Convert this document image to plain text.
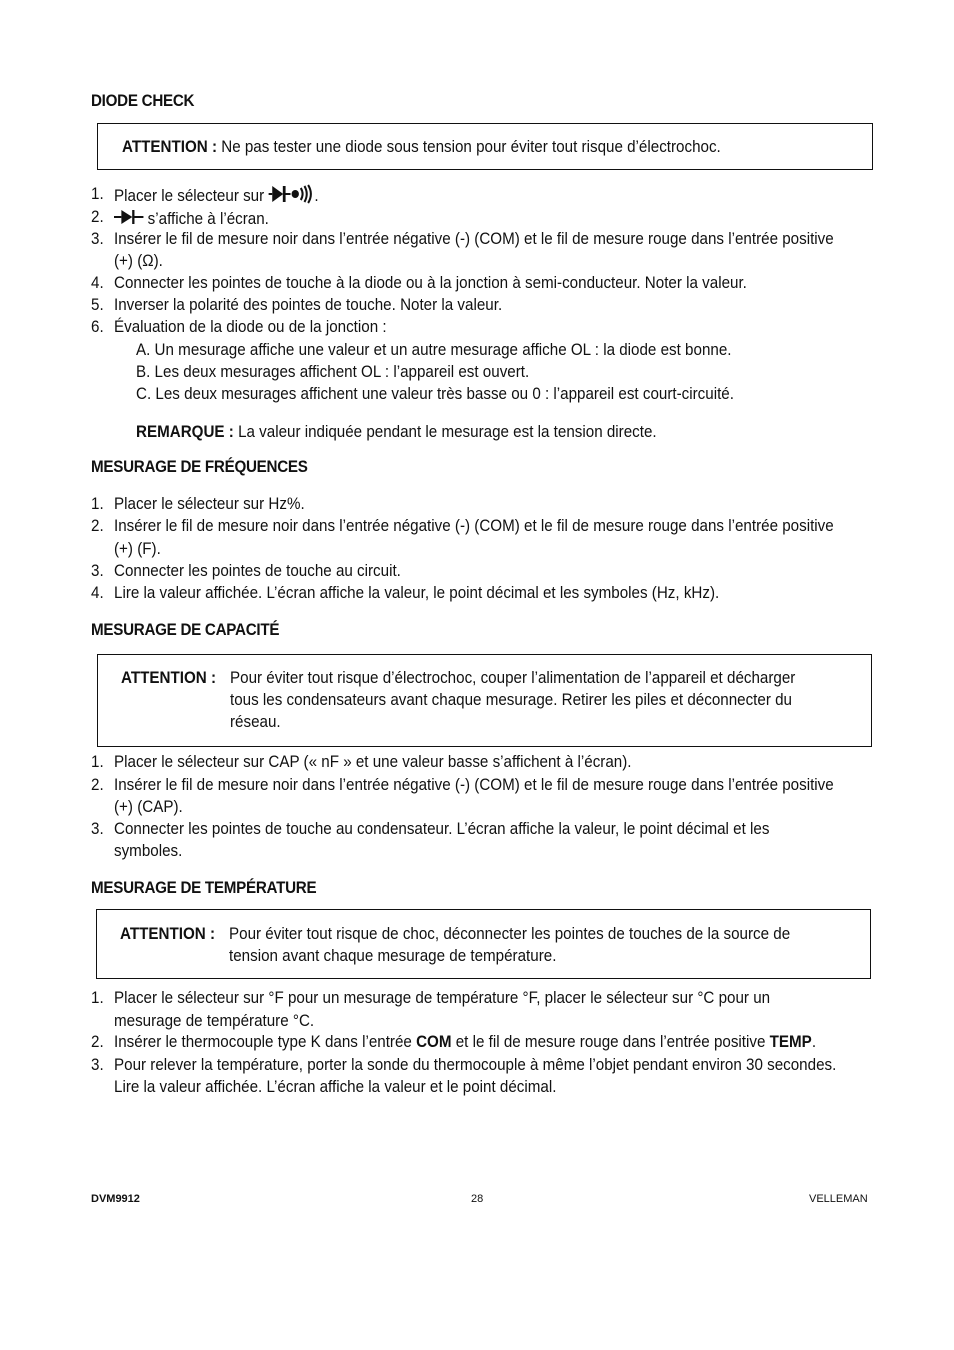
DIODE CHECK
ATTENTION : Ne pas tester une diode sous tension pour éviter tout risque d’électrochoc.
1. Placer le sélecteur sur	.
2.	s’affiche à l’écran.
3. Insérer le fil de mesure noir dans l’entrée négative (-) (COM) et le fil de mesure rouge dans l’entrée positive
(+) (Ω).
4. Connecter les pointes de touche à la diode ou à la jonction à semi-conducteur. Noter la valeur.
5. Inverser la polarité des pointes de touche. Noter la valeur.
6. Évaluation de la diode ou de la jonction :
A. Un mesurage affiche une valeur et un autre mesurage affiche OL : la diode est bonne.
B. Les deux mesurages affichent OL : l’appareil est ouvert.
C. Les deux mesurages affichent une valeur très basse ou 0 : l’appareil est court-circuité.
REMARQUE : La valeur indiquée pendant le mesurage est la tension directe.
MESURAGE DE FRÉQUENCES
1. Placer le sélecteur sur Hz%.
2. Insérer le fil de mesure noir dans l’entrée négative (-) (COM) et le fil de mesure rouge dans l’entrée positive
(+) (F).
3. Connecter les pointes de touche au circuit.
4. Lire la valeur affichée. L’écran affiche la valeur, le point décimal et les symboles (Hz, kHz).
MESURAGE DE CAPACITÉ
ATTENTION : Pour éviter tout risque d’électrochoc, couper l’alimentation de l’appareil et décharger
tous les condensateurs avant chaque mesurage. Retirer les piles et déconnecter du
réseau.
1. Placer le sélecteur sur CAP (« nF » et une valeur basse s’affichent à l’écran).
2. Insérer le fil de mesure noir dans l’entrée négative (-) (COM) et le fil de mesure rouge dans l’entrée positive
(+) (CAP).
3. Connecter les pointes de touche au condensateur. L’écran affiche la valeur, le point décimal et les
symboles.
MESURAGE DE TEMPÉRATURE
ATTENTION : Pour éviter tout risque de choc, déconnecter les pointes de touches de la source de
tension avant chaque mesurage de température.
1. Placer le sélecteur sur °F pour un mesurage de température °F, placer le sélecteur sur °C pour un
mesurage de température °C.
2. Insérer le thermocouple type K dans l’entrée COM et le fil de mesure rouge dans l’entrée positive TEMP.
3. Pour relever la température, porter la sonde du thermocouple à même l’objet pendant environ 30 secondes.
Lire la valeur affichée. L’écran affiche la valeur et le point décimal.
DVM9912	28	VELLEMAN
